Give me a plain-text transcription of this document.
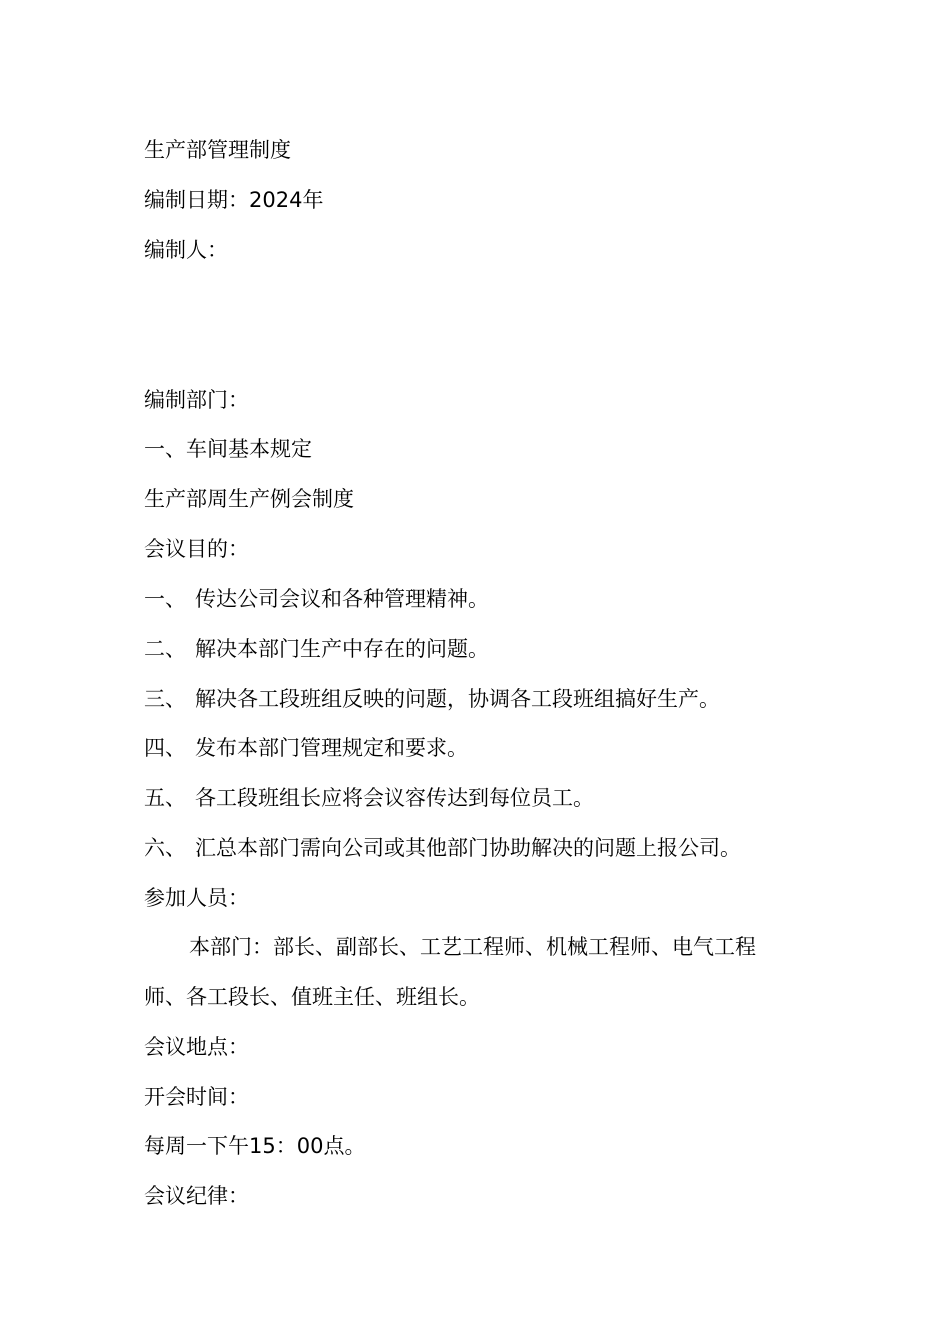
生产部管理制度
编制日期：2024年
编制人：
编制部门：
一、车间基本规定
生产部周生产例会制度
会议目的：
一、 传达公司会议和各种管理精神。
二、 解决本部门生产中存在的问题。
三、 解决各工段班组反映的问题，协调各工段班组搞好生产。
四、 发布本部门管理规定和要求。
五、 各工段班组长应将会议容传达到每位员工。
六、 汇总本部门需向公司或其他部门协助解决的问题上报公司。
参加人员：
本部门：部长、副部长、工艺工程师、机械工程师、电气工程
师、各工段长、值班主任、班组长。
会议地点：
开会时间：
每周一下午15：00点。
会议纪律：
